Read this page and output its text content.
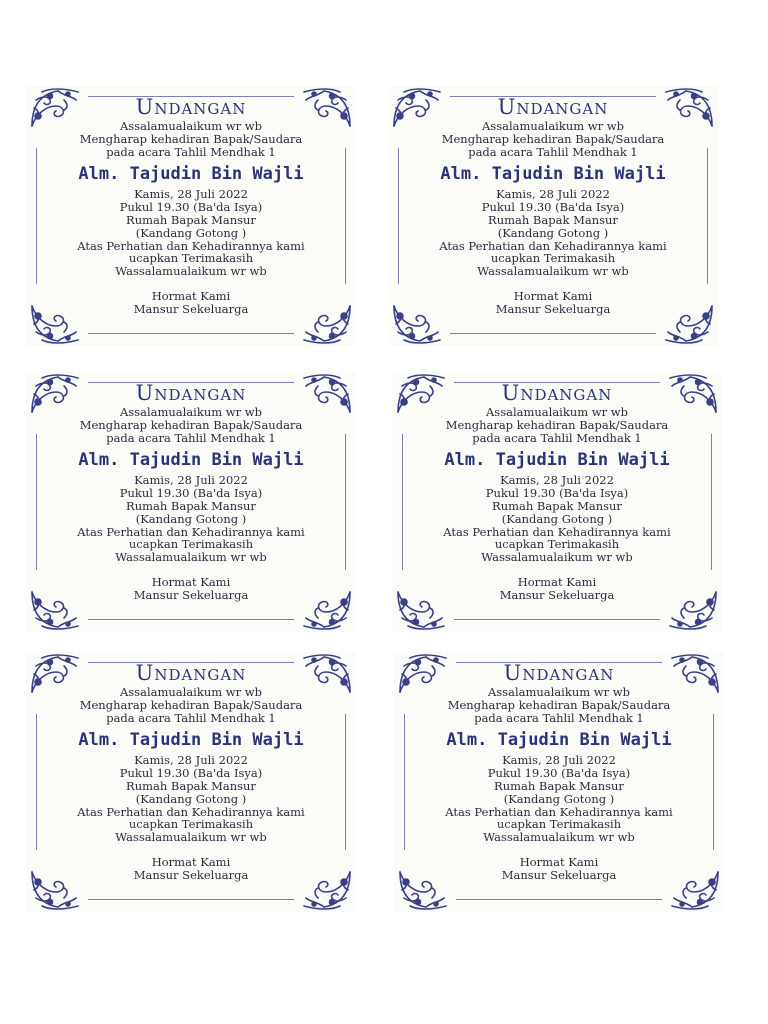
Undangan

Assalamualaikum wr wb

Mengharap kehadiran Bapak/Saudara

pada acara Tahlil Mendhak 1

Alm. Tajudin Bin Wajli

Kamis, 28 Juli 2022

Pukul 19.30 (Ba'da Isya)

Rumah Bapak Mansur

(Kandang Gotong )

Atas Perhatian dan Kehadirannya kami

ucapkan Terimakasih

Wassalamualaikum wr wb

Hormat Kami

Mansur Sekeluarga

Undangan

Assalamualaikum wr wb

Mengharap kehadiran Bapak/Saudara

pada acara Tahlil Mendhak 1

Alm. Tajudin Bin Wajli

Kamis, 28 Juli 2022

Pukul 19.30 (Ba'da Isya)

Rumah Bapak Mansur

(Kandang Gotong )

Atas Perhatian dan Kehadirannya kami

ucapkan Terimakasih

Wassalamualaikum wr wb

Hormat Kami

Mansur Sekeluarga

Undangan

Assalamualaikum wr wb

Mengharap kehadiran Bapak/Saudara

pada acara Tahlil Mendhak 1

Alm. Tajudin Bin Wajli

Kamis, 28 Juli 2022

Pukul 19.30 (Ba'da Isya)

Rumah Bapak Mansur

(Kandang Gotong )

Atas Perhatian dan Kehadirannya kami

ucapkan Terimakasih

Wassalamualaikum wr wb

Hormat Kami

Mansur Sekeluarga

Undangan

Assalamualaikum wr wb

Mengharap kehadiran Bapak/Saudara

pada acara Tahlil Mendhak 1

Alm. Tajudin Bin Wajli

Kamis, 28 Juli 2022

Pukul 19.30 (Ba'da Isya)

Rumah Bapak Mansur

(Kandang Gotong )

Atas Perhatian dan Kehadirannya kami

ucapkan Terimakasih

Wassalamualaikum wr wb

Hormat Kami

Mansur Sekeluarga

Undangan

Assalamualaikum wr wb

Mengharap kehadiran Bapak/Saudara

pada acara Tahlil Mendhak 1

Alm. Tajudin Bin Wajli

Kamis, 28 Juli 2022

Pukul 19.30 (Ba'da Isya)

Rumah Bapak Mansur

(Kandang Gotong )

Atas Perhatian dan Kehadirannya kami

ucapkan Terimakasih

Wassalamualaikum wr wb

Hormat Kami

Mansur Sekeluarga

Undangan

Assalamualaikum wr wb

Mengharap kehadiran Bapak/Saudara

pada acara Tahlil Mendhak 1

Alm. Tajudin Bin Wajli

Kamis, 28 Juli 2022

Pukul 19.30 (Ba'da Isya)

Rumah Bapak Mansur

(Kandang Gotong )

Atas Perhatian dan Kehadirannya kami

ucapkan Terimakasih

Wassalamualaikum wr wb

Hormat Kami

Mansur Sekeluarga
